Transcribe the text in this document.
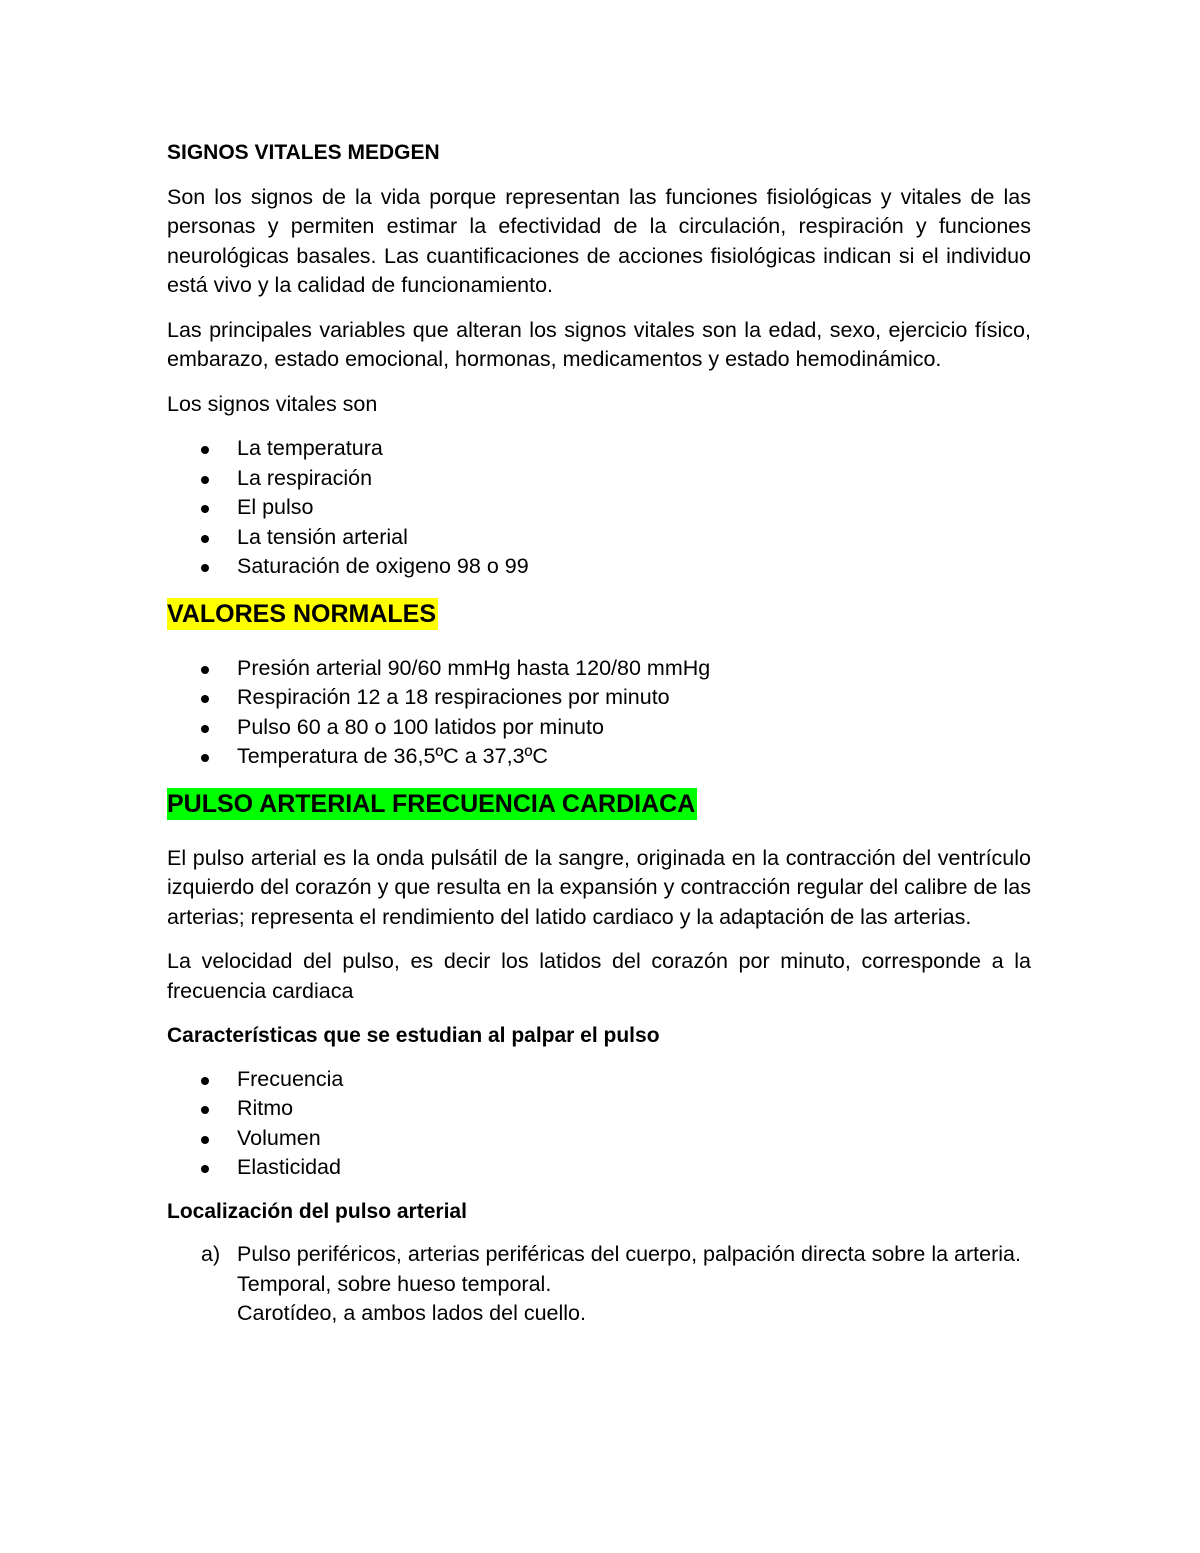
SIGNOS VITALES MEDGEN

Son los signos de la vida porque representan las funciones fisiológicas y vitales de las personas y permiten estimar la efectividad de la circulación, respiración y funciones neurológicas basales. Las cuantificaciones de acciones fisiológicas indican si el individuo está vivo y la calidad de funcionamiento.

Las principales variables que alteran los signos vitales son la edad, sexo, ejercicio físico, embarazo, estado emocional, hormonas, medicamentos y estado hemodinámico.

Los signos vitales son

La temperatura
La respiración
El pulso
La tensión arterial
Saturación de oxigeno 98 o 99
VALORES NORMALES
Presión arterial 90/60 mmHg hasta 120/80 mmHg
Respiración 12 a 18 respiraciones por minuto
Pulso 60 a 80 o 100 latidos por minuto
Temperatura de 36,5ºC a 37,3ºC
PULSO ARTERIAL FRECUENCIA CARDIACA

El pulso arterial es la onda pulsátil de la sangre, originada en la contracción del ventrículo izquierdo del corazón y que resulta en la expansión y contracción regular del calibre de las arterias; representa el rendimiento del latido cardiaco y la adaptación de las arterias.

La velocidad del pulso, es decir los latidos del corazón por minuto, corresponde a la frecuencia cardiaca

Características que se estudian al palpar el pulso
Frecuencia
Ritmo
Volumen
Elasticidad
Localización del pulso arterial
a) Pulso periféricos, arterias periféricas del cuerpo, palpación directa sobre la arteria.
Temporal, sobre hueso temporal.
Carotídeo, a ambos lados del cuello.
